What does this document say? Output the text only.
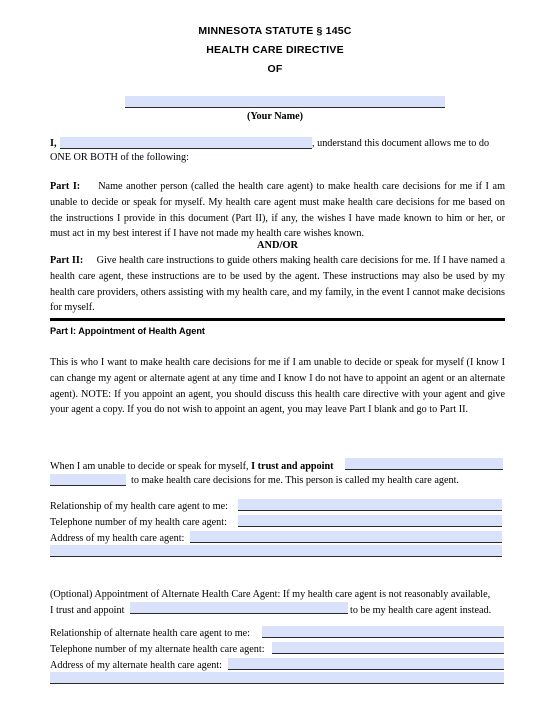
MINNESOTA STATUTE § 145C
HEALTH CARE DIRECTIVE
OF
(Your Name)
I,	, understand this document allows me to do
ONE OR BOTH of the following:
Part I: Name another person (called the health care agent) to make health care decisions for me if I am unable to decide or speak for myself. My health care agent must make health care decisions for me based on the instructions I provide in this document (Part II), if any, the wishes I have made known to him or her, or must act in my best interest if I have not made my health care wishes known.
AND/OR
Part II: Give health care instructions to guide others making health care decisions for me. If I have named a health care agent, these instructions are to be used by the agent. These instructions may also be used by my health care providers, others assisting with my health care, and my family, in the event I cannot make decisions for myself.
Part I: Appointment of Health Agent
This is who I want to make health care decisions for me if I am unable to decide or speak for myself (I know I can change my agent or alternate agent at any time and I know I do not have to appoint an agent or an alternate agent). NOTE: If you appoint an agent, you should discuss this health care directive with your agent and give your agent a copy. If you do not wish to appoint an agent, you may leave Part I blank and go to Part II.
When I am unable to decide or speak for myself, I trust and appoint
to make health care decisions for me. This person is called my health care agent.
Relationship of my health care agent to me:
Telephone number of my health care agent:
Address of my health care agent:
(Optional) Appointment of Alternate Health Care Agent: If my health care agent is not reasonably available,
I trust and appoint	to be my health care agent instead.
Relationship of alternate health care agent to me:
Telephone number of my alternate health care agent:
Address of my alternate health care agent:
